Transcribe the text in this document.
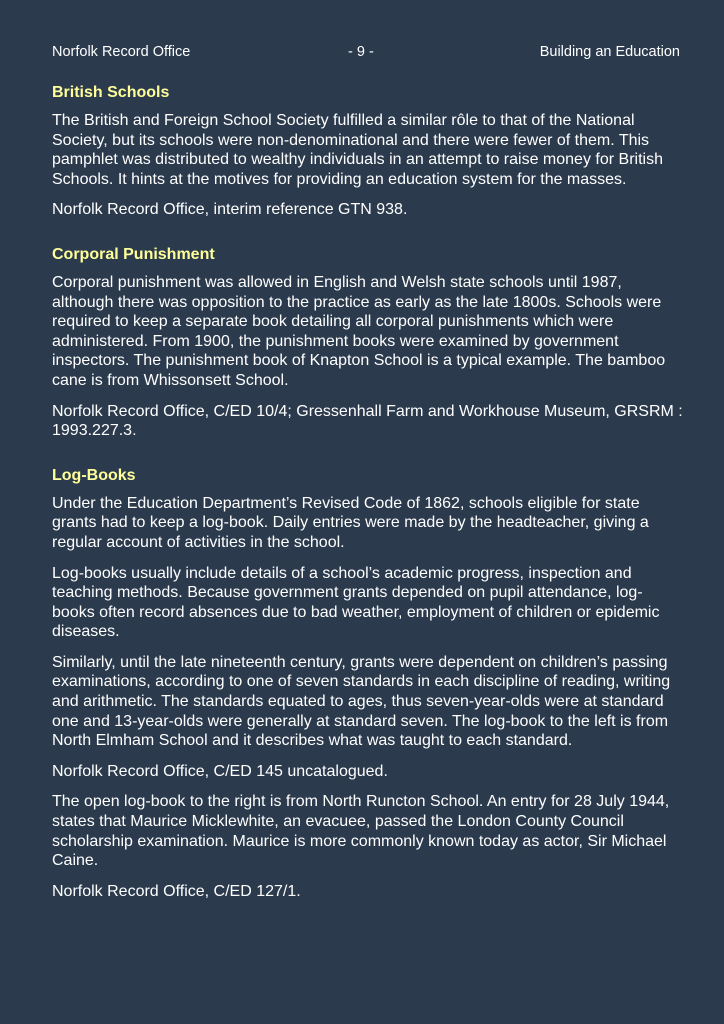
Norfolk Record Office	- 9 -	Building an Education
British Schools

The British and Foreign School Society fulfilled a similar rôle to that of the National Society, but its schools were non-denominational and there were fewer of them. This pamphlet was distributed to wealthy individuals in an attempt to raise money for British Schools. It hints at the motives for providing an education system for the masses.

Norfolk Record Office, interim reference GTN 938.

Corporal Punishment

Corporal punishment was allowed in English and Welsh state schools until 1987, although there was opposition to the practice as early as the late 1800s. Schools were required to keep a separate book detailing all corporal punishments which were administered. From 1900, the punishment books were examined by government inspectors. The punishment book of Knapton School is a typical example. The bamboo cane is from Whissonsett School.

Norfolk Record Office, C/ED 10/4; Gressenhall Farm and Workhouse Museum, GRSRM : 1993.227.3.

Log-Books

Under the Education Department’s Revised Code of 1862, schools eligible for state grants had to keep a log-book. Daily entries were made by the headteacher, giving a regular account of activities in the school.

Log-books usually include details of a school’s academic progress, inspection and teaching methods. Because government grants depended on pupil attendance, log-books often record absences due to bad weather, employment of children or epidemic diseases.

Similarly, until the late nineteenth century, grants were dependent on children’s passing examinations, according to one of seven standards in each discipline of reading, writing and arithmetic. The standards equated to ages, thus seven-year-olds were at standard one and 13-year-olds were generally at standard seven. The log-book to the left is from North Elmham School and it describes what was taught to each standard.

Norfolk Record Office, C/ED 145 uncatalogued.

The open log-book to the right is from North Runcton School. An entry for 28 July 1944, states that Maurice Micklewhite, an evacuee, passed the London County Council scholarship examination. Maurice is more commonly known today as actor, Sir Michael Caine.

Norfolk Record Office, C/ED 127/1.
